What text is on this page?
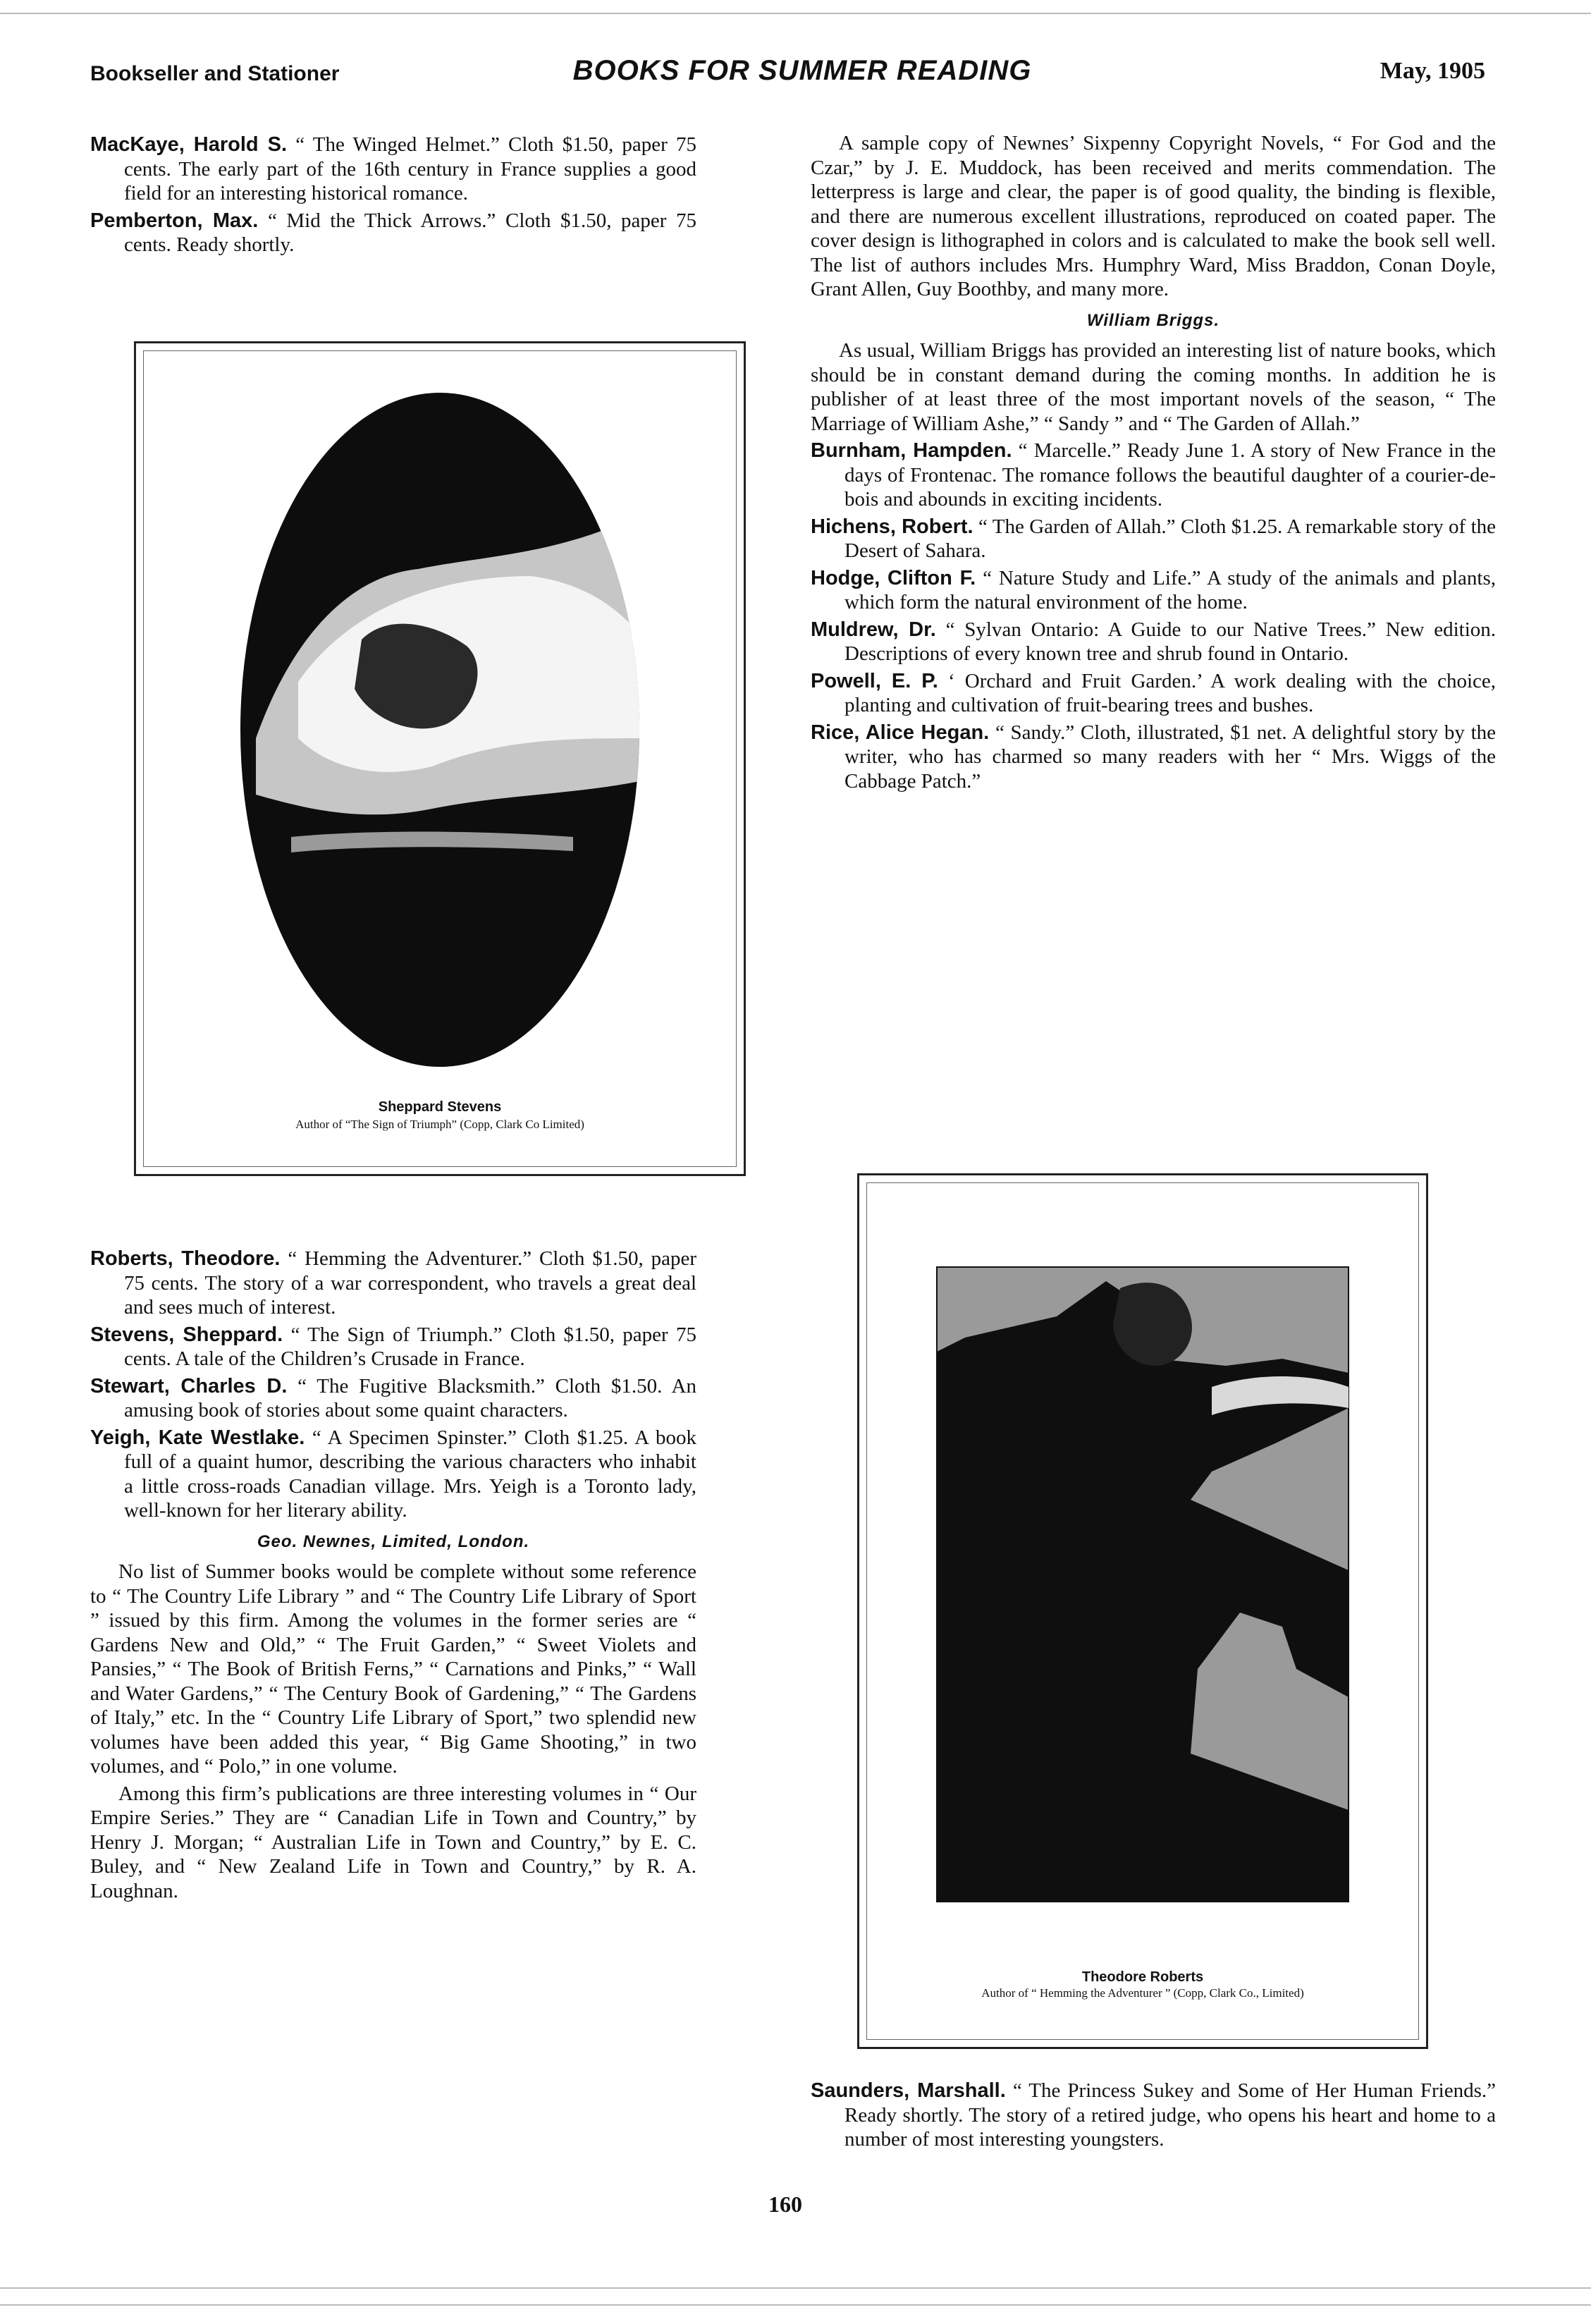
Bookseller and Stationer	BOOKS FOR SUMMER READING	May, 1905

MacKaye, Harold S. “ The Winged Helmet.” Cloth $1.50, paper 75 cents. The early part of the 16th century in France supplies a good field for an interesting historical romance.

Pemberton, Max. “ Mid the Thick Arrows.” Cloth $1.50, paper 75 cents. Ready shortly.

Sheppard Stevens
Author of “The Sign of Triumph” (Copp, Clark Co Limited)

Roberts, Theodore. “ Hemming the Adventurer.” Cloth $1.50, paper 75 cents. The story of a war correspondent, who travels a great deal and sees much of interest.

Stevens, Sheppard. “ The Sign of Triumph.” Cloth $1.50, paper 75 cents. A tale of the Children’s Crusade in France.

Stewart, Charles D. “ The Fugitive Blacksmith.” Cloth $1.50. An amusing book of stories about some quaint characters.

Yeigh, Kate Westlake. “ A Specimen Spinster.” Cloth $1.25. A book full of a quaint humor, describing the various characters who inhabit a little cross-roads Canadian village. Mrs. Yeigh is a Toronto lady, well-known for her literary ability.

Geo. Newnes, Limited, London.

No list of Summer books would be complete without some reference to “ The Country Life Library ” and “ The Country Life Library of Sport ” issued by this firm. Among the volumes in the former series are “ Gardens New and Old,” “ The Fruit Garden,” “ Sweet Violets and Pansies,” “ The Book of British Ferns,” “ Carnations and Pinks,” “ Wall and Water Gardens,” “ The Century Book of Gardening,” “ The Gardens of Italy,” etc. In the “ Country Life Library of Sport,” two splendid new volumes have been added this year, “ Big Game Shooting,” in two volumes, and “ Polo,” in one volume.

Among this firm’s publications are three interesting volumes in “ Our Empire Series.” They are “ Canadian Life in Town and Country,” by Henry J. Morgan; “ Australian Life in Town and Country,” by E. C. Buley, and “ New Zealand Life in Town and Country,” by R. A. Loughnan.

A sample copy of Newnes’ Sixpenny Copyright Novels, “ For God and the Czar,” by J. E. Muddock, has been received and merits commendation. The letterpress is large and clear, the paper is of good quality, the binding is flexible, and there are numerous excellent illustrations, reproduced on coated paper. The cover design is lithographed in colors and is calculated to make the book sell well. The list of authors includes Mrs. Humphry Ward, Miss Braddon, Conan Doyle, Grant Allen, Guy Boothby, and many more.

William Briggs.

As usual, William Briggs has provided an interesting list of nature books, which should be in constant demand during the coming months. In addition he is publisher of at least three of the most important novels of the season, “ The Marriage of William Ashe,” “ Sandy ” and “ The Garden of Allah.”

Burnham, Hampden. “ Marcelle.” Ready June 1. A story of New France in the days of Frontenac. The romance follows the beautiful daughter of a courier-de-bois and abounds in exciting incidents.

Hichens, Robert. “ The Garden of Allah.” Cloth $1.25. A remarkable story of the Desert of Sahara.

Hodge, Clifton F. “ Nature Study and Life.” A study of the animals and plants, which form the natural environment of the home.

Muldrew, Dr. “ Sylvan Ontario: A Guide to our Native Trees.” New edition. Descriptions of every known tree and shrub found in Ontario.

Powell, E. P. ‘ Orchard and Fruit Garden.’ A work dealing with the choice, planting and cultivation of fruit-bearing trees and bushes.

Rice, Alice Hegan. “ Sandy.” Cloth, illustrated, $1 net. A delightful story by the writer, who has charmed so many readers with her “ Mrs. Wiggs of the Cabbage Patch.”

Theodore Roberts
Author of “ Hemming the Adventurer ” (Copp, Clark Co., Limited)

Saunders, Marshall. “ The Princess Sukey and Some of Her Human Friends.” Ready shortly. The story of a retired judge, who opens his heart and home to a number of most interesting youngsters.

160
